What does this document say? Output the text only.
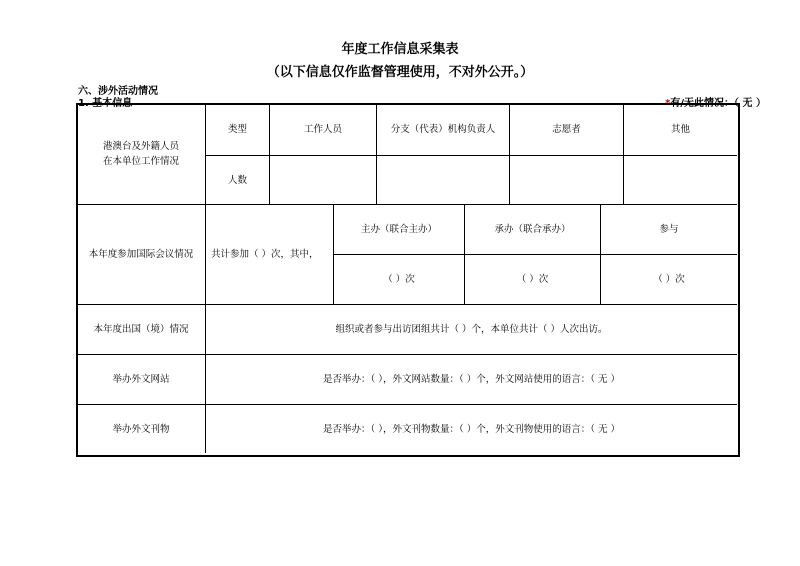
年度工作信息采集表
（以下信息仅作监督管理使用，不对外公开。）
六、涉外活动情况
1. 基本信息	*有/无此情况：（ 无 ）
港澳台及外籍人员
在本单位工作情况
类型	工作人员	分支（代表）机构负责人	志愿者	其他
人数
本年度参加国际会议情况	共计参加（ ）次，其中，
主办（联合主办）	承办（联合承办）	参与
（ ）次	（ ）次	（ ）次
本年度出国（境）情况	组织或者参与出访团组共计（ ）个，本单位共计（ ）人次出访。
举办外文网站	是否举办：（ ），外文网站数量：（ ）个，外文网站使用的语言：（ 无 ）
举办外文刊物	是否举办：（ ），外文刊物数量：（ ）个，外文刊物使用的语言：（ 无 ）
